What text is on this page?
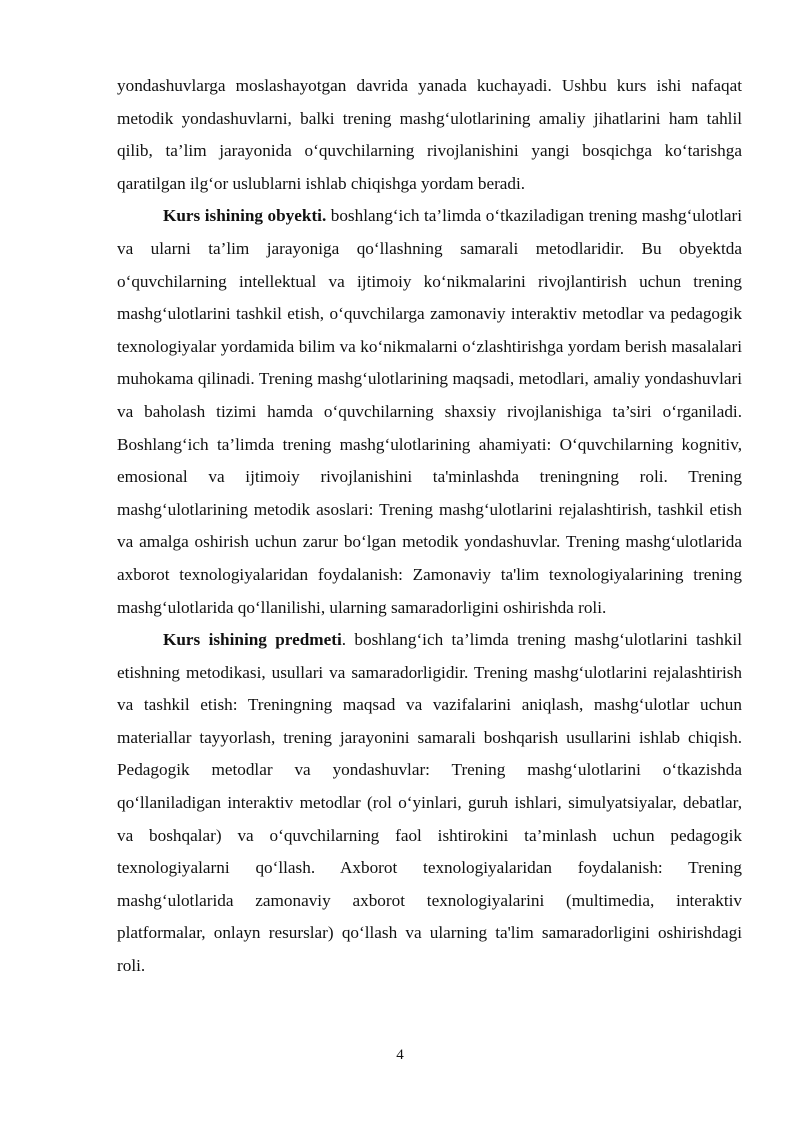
yondashuvlarga moslashayotgan davrida yanada kuchayadi. Ushbu kurs ishi nafaqat metodik yondashuvlarni, balki trening mashg‘ulotlarining amaliy jihatlarini ham tahlil qilib, ta’lim jarayonida o‘quvchilarning rivojlanishini yangi bosqichga ko‘tarishga qaratilgan ilg‘or uslublarni ishlab chiqishga yordam beradi.

Kurs ishining obyekti. boshlang‘ich ta’limda o‘tkaziladigan trening mashg‘ulotlari va ularni ta’lim jarayoniga qo‘llashning samarali metodlaridir. Bu obyektda o‘quvchilarning intellektual va ijtimoiy ko‘nikmalarini rivojlantirish uchun trening mashg‘ulotlarini tashkil etish, o‘quvchilarga zamonaviy interaktiv metodlar va pedagogik texnologiyalar yordamida bilim va ko‘nikmalarni o‘zlashtirishga yordam berish masalalari muhokama qilinadi. Trening mashg‘ulotlarining maqsadi, metodlari, amaliy yondashuvlari va baholash tizimi hamda o‘quvchilarning shaxsiy rivojlanishiga ta’siri o‘rganiladi. Boshlang‘ich ta’limda trening mashg‘ulotlarining ahamiyati: O‘quvchilarning kognitiv, emosional va ijtimoiy rivojlanishini ta'minlashda treningning roli. Trening mashg‘ulotlarining metodik asoslari: Trening mashg‘ulotlarini rejalashtirish, tashkil etish va amalga oshirish uchun zarur bo‘lgan metodik yondashuvlar. Trening mashg‘ulotlarida axborot texnologiyalaridan foydalanish: Zamonaviy ta'lim texnologiyalarining trening mashg‘ulotlarida qo‘llanilishi, ularning samaradorligini oshirishda roli.

Kurs ishining predmeti. boshlang‘ich ta’limda trening mashg‘ulotlarini tashkil etishning metodikasi, usullari va samaradorligidir. Trening mashg‘ulotlarini rejalashtirish va tashkil etish: Treningning maqsad va vazifalarini aniqlash, mashg‘ulotlar uchun materiallar tayyorlash, trening jarayonini samarali boshqarish usullarini ishlab chiqish. Pedagogik metodlar va yondashuvlar: Trening mashg‘ulotlarini o‘tkazishda qo‘llaniladigan interaktiv metodlar (rol o‘yinlari, guruh ishlari, simulyatsiyalar, debatlar, va boshqalar) va o‘quvchilarning faol ishtirokini ta’minlash uchun pedagogik texnologiyalarni qo‘llash. Axborot texnologiyalaridan foydalanish: Trening mashg‘ulotlarida zamonaviy axborot texnologiyalarini (multimedia, interaktiv platformalar, onlayn resurslar) qo‘llash va ularning ta'lim samaradorligini oshirishdagi roli.

4
